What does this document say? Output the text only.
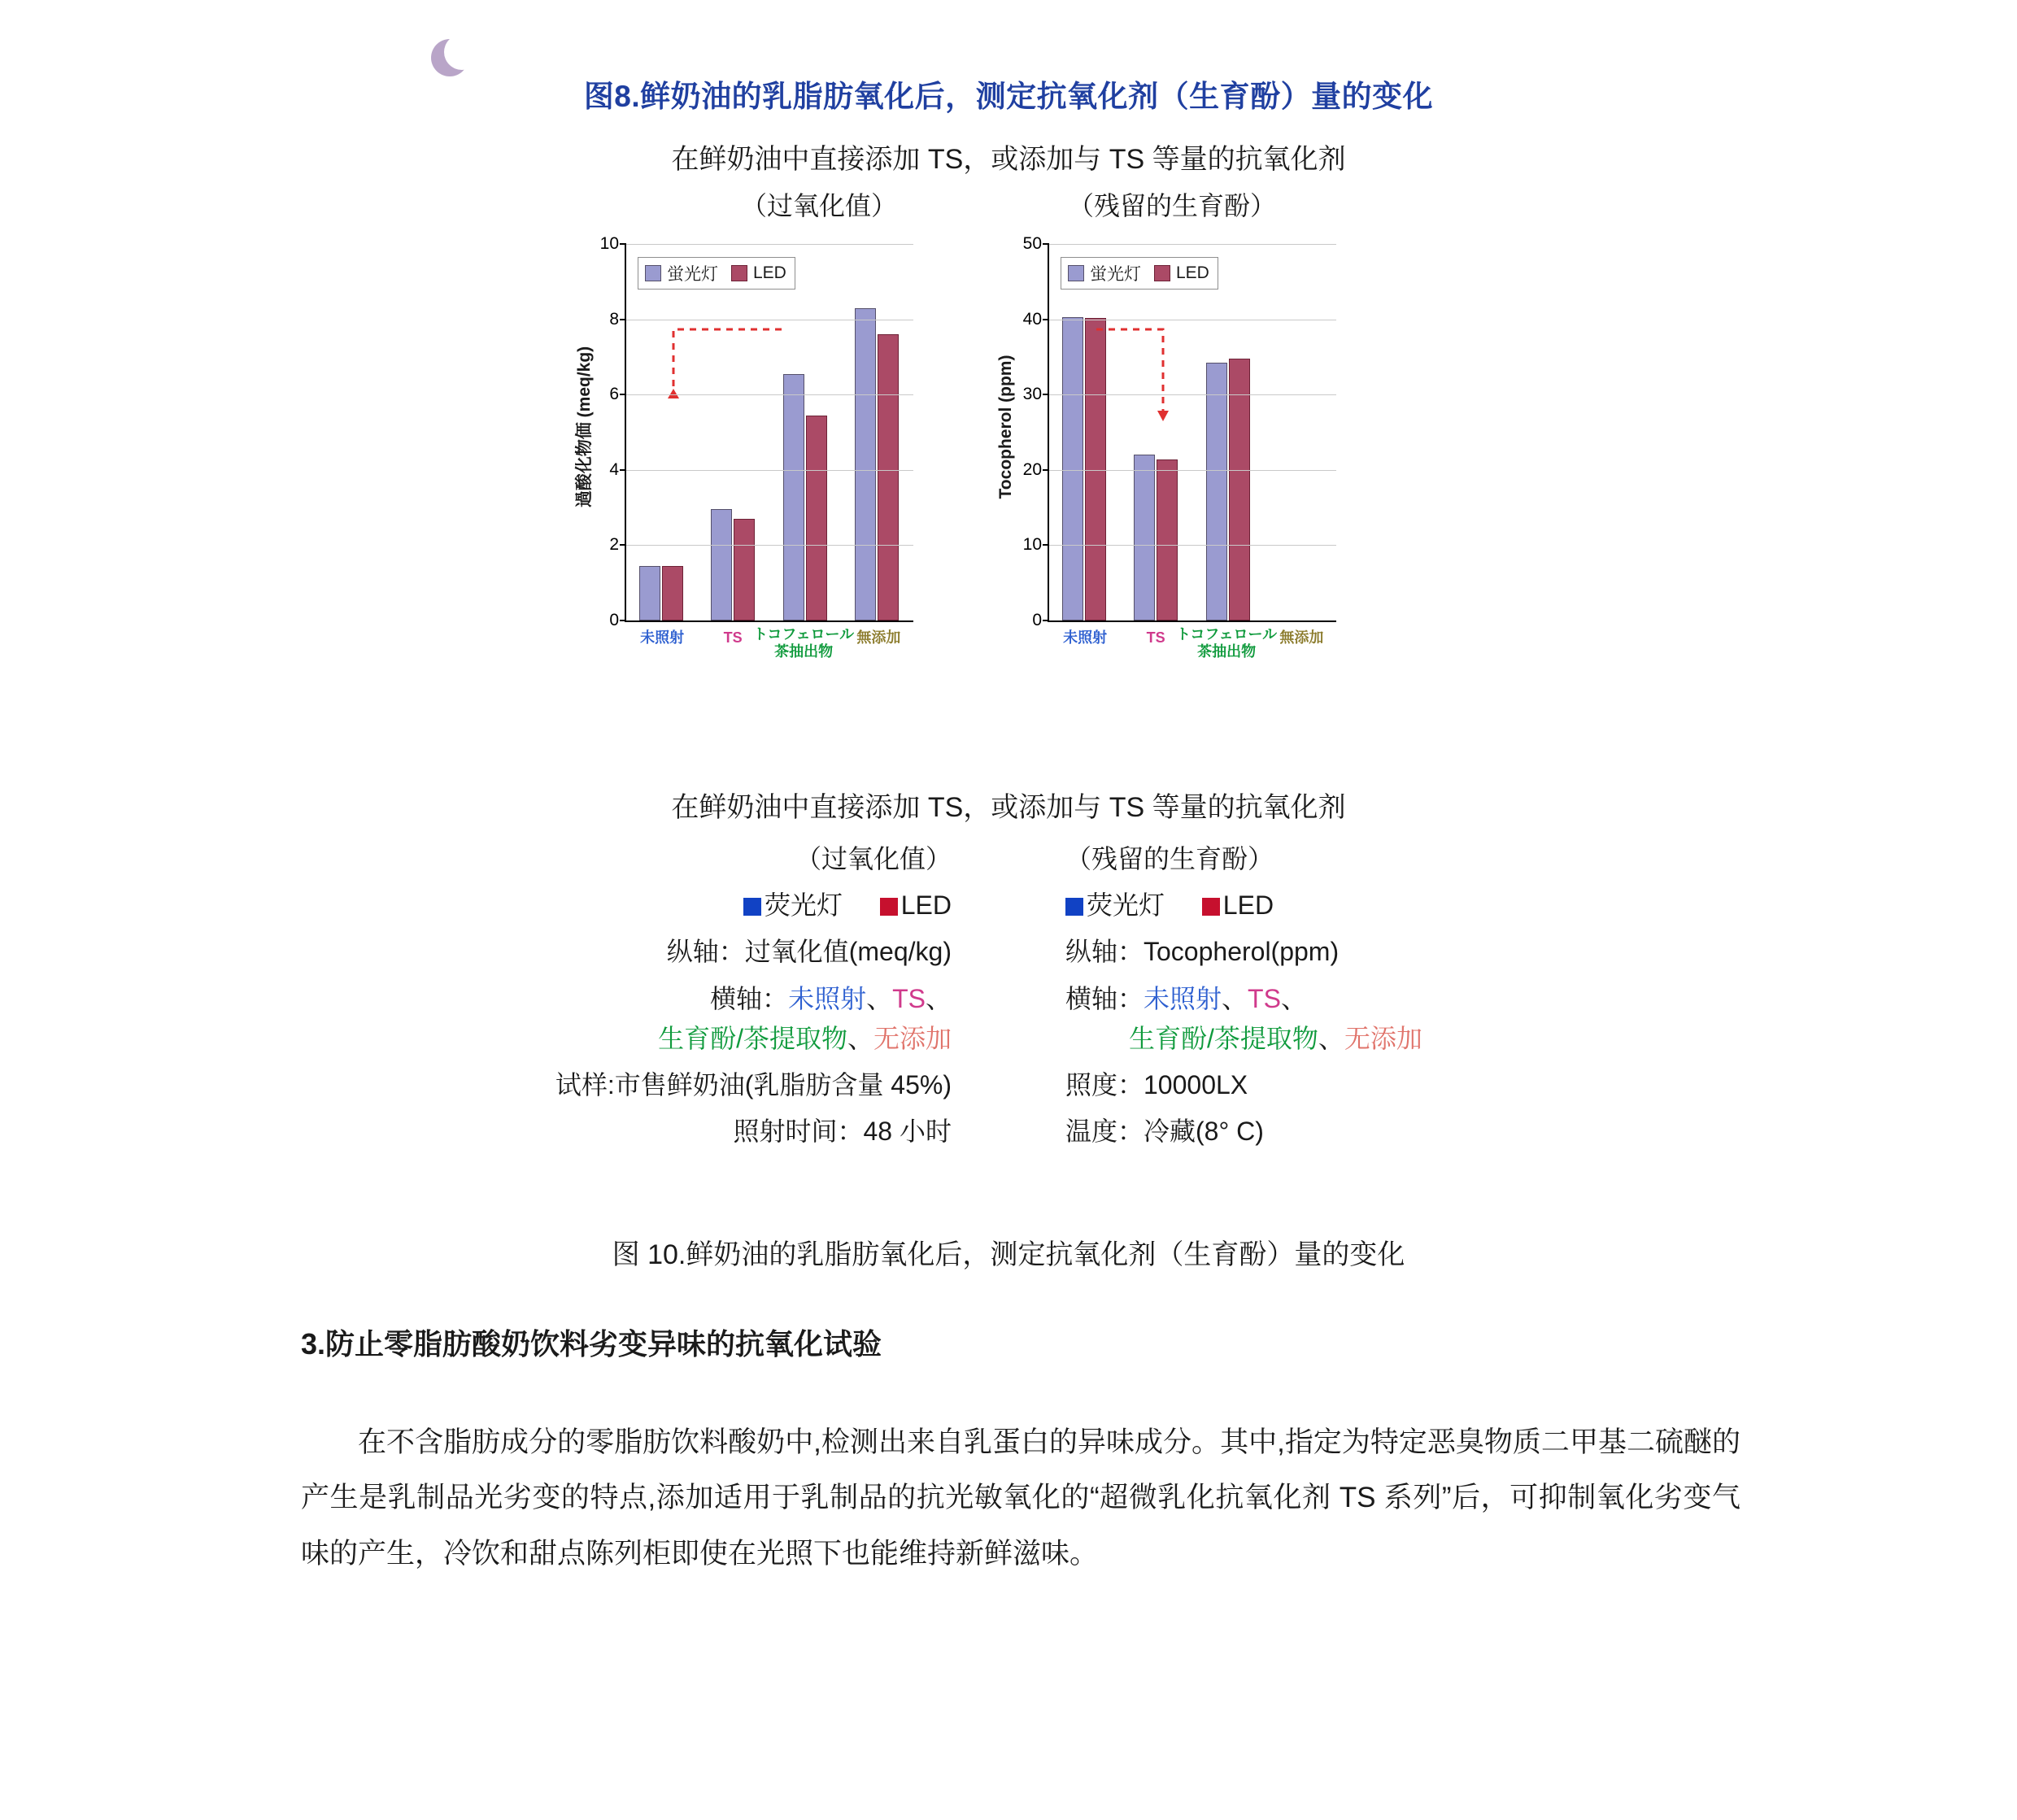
图8.鲜奶油的乳脂肪氧化后，测定抗氧化剂（生育酚）量的变化
在鲜奶油中直接添加 TS，或添加与 TS 等量的抗氧化剂
（过氧化值）	（残留的生育酚）
過酸化物価 (meq/kg)
蛍光灯 LED
0
2
4
6
8
10
未照射	TS トコフェロール
茶抽出物
無添加
Tocopherol (ppm)
蛍光灯 LED
0
10
20
30
40
50
未照射	TS トコフェロール
茶抽出物
無添加
在鲜奶油中直接添加 TS，或添加与 TS 等量的抗氧化剂
（过氧化值）
荧光灯 LED
纵轴：过氧化值(meq/kg)
横轴：未照射、TS、
生育酚/茶提取物、无添加
试样:市售鲜奶油(乳脂肪含量 45%)
照射时间：48 小时
（残留的生育酚）
荧光灯 LED
纵轴：Tocopherol(ppm)
横轴：未照射、TS、
生育酚/茶提取物、无添加
照度：10000LX
温度：冷藏(8° C)
图 10.鲜奶油的乳脂肪氧化后，测定抗氧化剂（生育酚）量的变化
3.防止零脂肪酸奶饮料劣变异味的抗氧化试验
在不含脂肪成分的零脂肪饮料酸奶中,检测出来自乳蛋白的异味成分。其中,指定为特定恶臭物质二甲基二硫醚的产生是乳制品光劣变的特点,添加适用于乳制品的抗光敏氧化的“超微乳化抗氧化剂 TS 系列”后，可抑制氧化劣变气味的产生，冷饮和甜点陈列柜即使在光照下也能维持新鲜滋味。
